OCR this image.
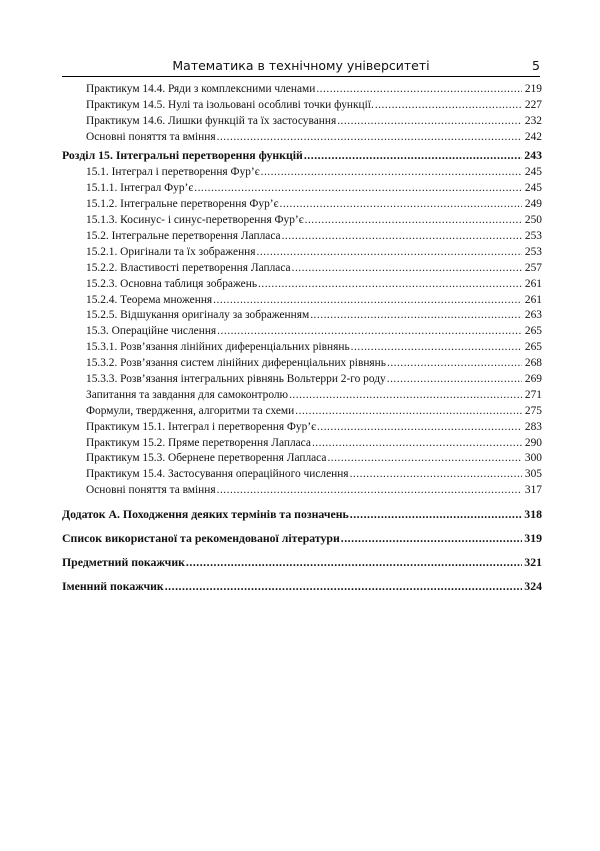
Математика в технічному університеті	5
Практикум 14.4. Ряди з комплексними членами .....	219
Практикум 14.5. Нулі та ізольовані особливі точки функції. .....	227
Практикум 14.6. Лишки функцій та їх застосування .....	232
Основні поняття та вміння .....	242
Розділ 15. Інтегральні перетворення функцій .....	243
15.1. Інтеграл і перетворення Фур’є .....	245
15.1.1. Інтеграл Фур’є .....	245
15.1.2. Інтегральне перетворення Фур’є .....	249
15.1.3. Косинус- і синус-перетворення Фур’є .....	250
15.2. Інтегральне перетворення Лапласа .....	253
15.2.1. Оригінали та їх зображення .....	253
15.2.2. Властивості перетворення Лапласа .....	257
15.2.3. Основна таблиця зображень .....	261
15.2.4. Теорема множення .....	261
15.2.5. Відшукання оригіналу за зображенням .....	263
15.3. Операційне числення .....	265
15.3.1. Розв’язання лінійних диференціальних рівнянь .....	265
15.3.2. Розв’язання систем лінійних диференціальних рівнянь .....	268
15.3.3. Розв’язання інтегральних рівнянь Вольтерри 2-го роду .....	269
Запитання та завдання для самоконтролю .....	271
Формули, твердження, алгоритми та схеми .....	275
Практикум 15.1. Інтеграл і перетворення Фур’є .....	283
Практикум 15.2. Пряме перетворення Лапласа .....	290
Практикум 15.3. Обернене перетворення Лапласа .....	300
Практикум 15.4. Застосування операційного числення .....	305
Основні поняття та вміння .....	317
Додаток А. Походження деяких термінів та позначень .....	318
Список використаної та рекомендованої літератури .....	319
Предметний покажчик .....	321
Іменний покажчик .....	324
